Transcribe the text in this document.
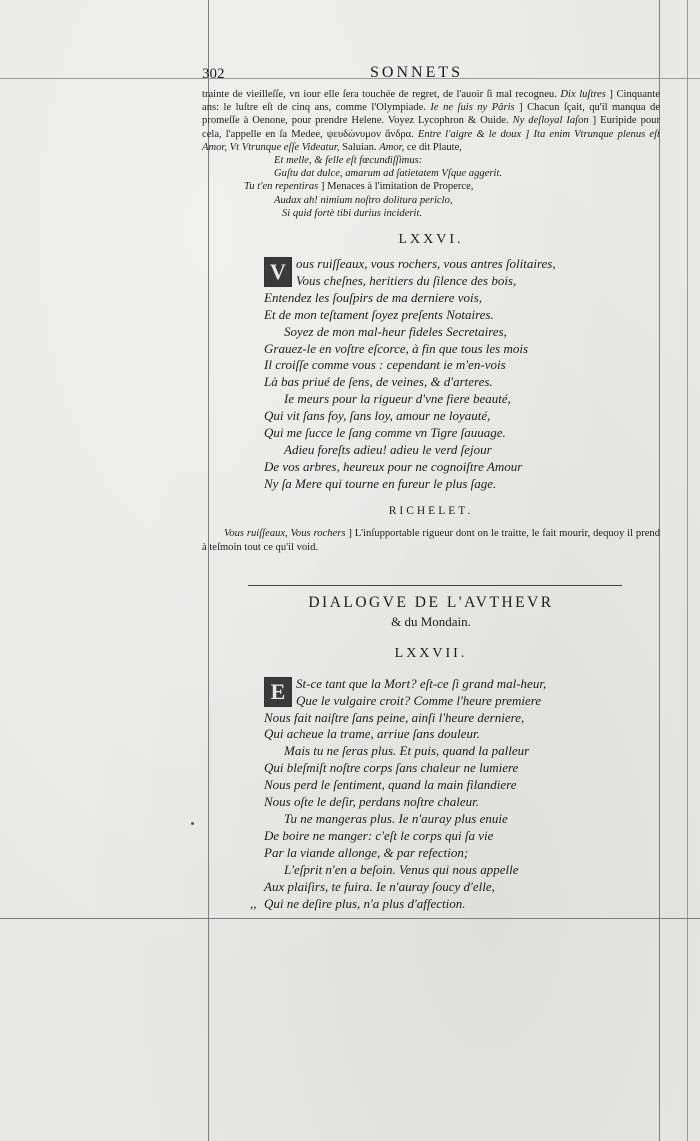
302	SONNETS

trainte de vieilleſſe, vn iour elle ſera touchée de regret, de l'auoir ſi mal recogneu. Dix luſtres ] Cinquante ans: le luſtre eſt de cinq ans, comme l'Olympiade. Ie ne ſuis ny Pâris ] Chacun ſçait, qu'il manqua de promeſſe à Oenone, pour prendre Helene. Voyez Lycophron & Ouide. Ny deſloyal Iaſon ] Euripide pour cela, l'appelle en ſa Medee, ψευδώνυμον ἄνδρα. Entre l'aigre & le doux ] Ita enim Vtrunque plenus eſt Amor, Vt Vtrunque eſſe Videatur, Saluian. Amor, ce dit Plaute,

Et melle, & felle eſt fœcundiſſimus:

Guſtu dat dulce, amarum ad ſatietatem Vſque aggerit.

Tu t'en repentiras ] Menaces à l'imitation de Properce,

Audax ah! nimium noſtro dolitura periclo,

Si quid fortè tibi durius inciderit.

LXXVI.
V ous ruiſſeaux, vous rochers, vous antres ſolitaires,
Vous cheſnes, heritiers du ſilence des bois,
Entendez les ſouſpirs de ma derniere vois,
Et de mon teſtament ſoyez preſents Notaires.
Soyez de mon mal-heur fideles Secretaires,
Grauez-le en voſtre eſcorce, à fin que tous les mois
Il croiſſe comme vous : cependant ie m'en-vois
Là bas priué de ſens, de veines, & d'arteres.
Ie meurs pour la rigueur d'vne fiere beauté,
Qui vit ſans foy, ſans loy, amour ne loyauté,
Qui me ſucce le ſang comme vn Tigre ſauuage.
Adieu foreſts adieu! adieu le verd ſejour
De vos arbres, heureux pour ne cognoiſtre Amour
Ny ſa Mere qui tourne en fureur le plus ſage.
RICHELET.
Vous ruiſſeaux, Vous rochers ] L'inſupportable rigueur dont on le traitte, le fait mourir, dequoy il prend à teſmoin tout ce qu'il void.
DIALOGVE DE L'AVTHEVR
& du Mondain.
LXXVII.
E St-ce tant que la Mort? eſt-ce ſi grand mal-heur,
Que le vulgaire croit? Comme l'heure premiere
Nous fait naiſtre ſans peine, ainſi l'heure derniere,
Qui acheue la trame, arriue ſans douleur.
Mais tu ne ſeras plus. Et puis, quand la palleur
Qui bleſmiſt noſtre corps ſans chaleur ne lumiere
Nous perd le ſentiment, quand la main filandiere
Nous oſte le deſir, perdans noſtre chaleur.
Tu ne mangeras plus. Ie n'auray plus enuie
De boire ne manger: c'eſt le corps qui ſa vie
Par la viande allonge, & par refection;
L'eſprit n'en a beſoin. Venus qui nous appelle
Aux plaiſirs, te fuira. Ie n'auray ſoucy d'elle,
,, Qui ne deſire plus, n'a plus d'affection.
